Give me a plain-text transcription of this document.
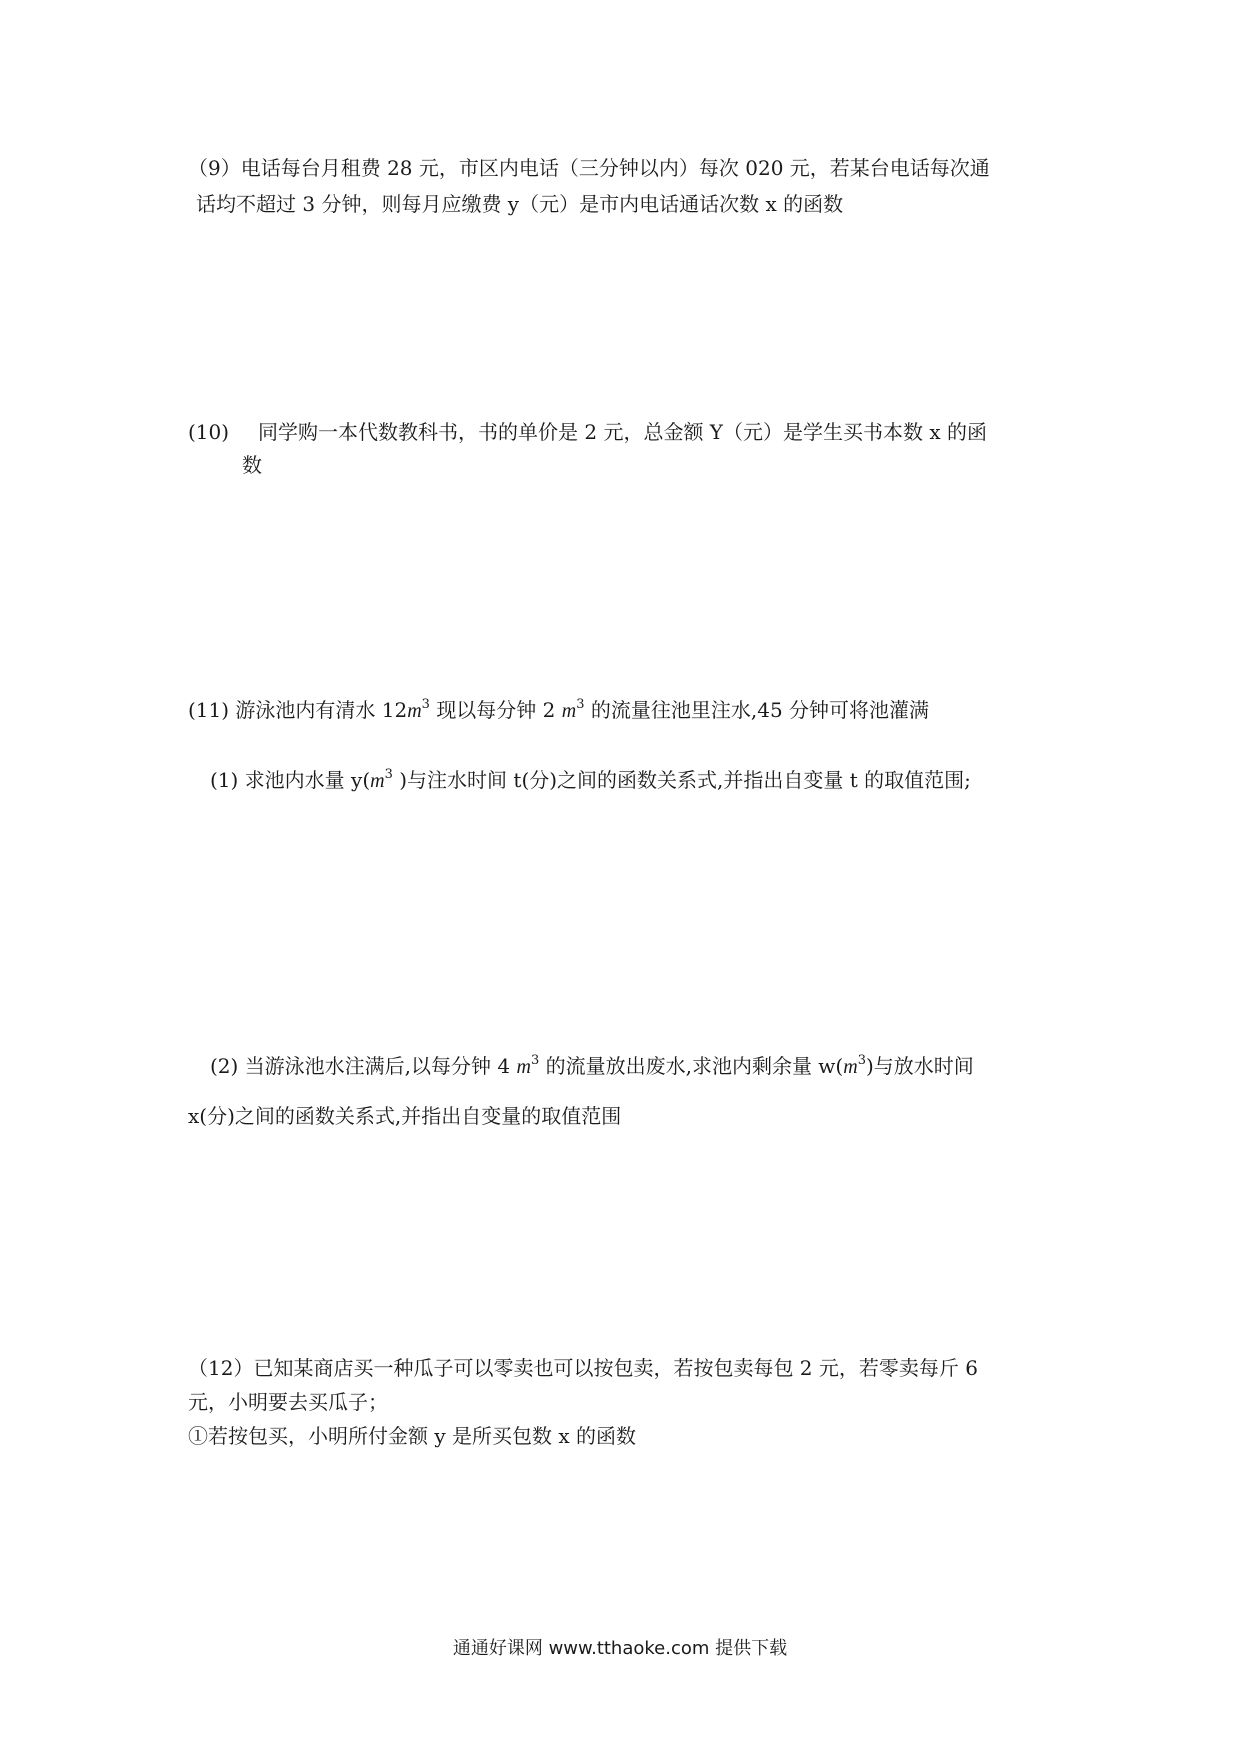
（9）电话每台月租费 28 元，市区内电话（三分钟以内）每次 020 元，若某台电话每次通
话均不超过 3 分钟，则每月应缴费 y（元）是市内电话通话次数 x 的函数
(10) 同学购一本代数教科书，书的单价是 2 元，总金额 Y（元）是学生买书本数 x 的函
数
(11) 游泳池内有清水 $12m^3$ 现以每分钟 2 $m^3$ 的流量往池里注水,45 分钟可将池灌满
(1) 求池内水量 $y(m^3$ )与注水时间 t(分)之间的函数关系式,并指出自变量 t 的取值范围;
(2) 当游泳池水注满后,以每分钟 4 $m^3$ 的流量放出废水,求池内剩余量 $w(m^3)$与放水时间
x(分)之间的函数关系式,并指出自变量的取值范围
（12）已知某商店买一种瓜子可以零卖也可以按包卖，若按包卖每包 2 元，若零卖每斤 6
元，小明要去买瓜子；
①若按包买，小明所付金额 y 是所买包数 x 的函数
通通好课网 www.tthaoke.com 提供下载
